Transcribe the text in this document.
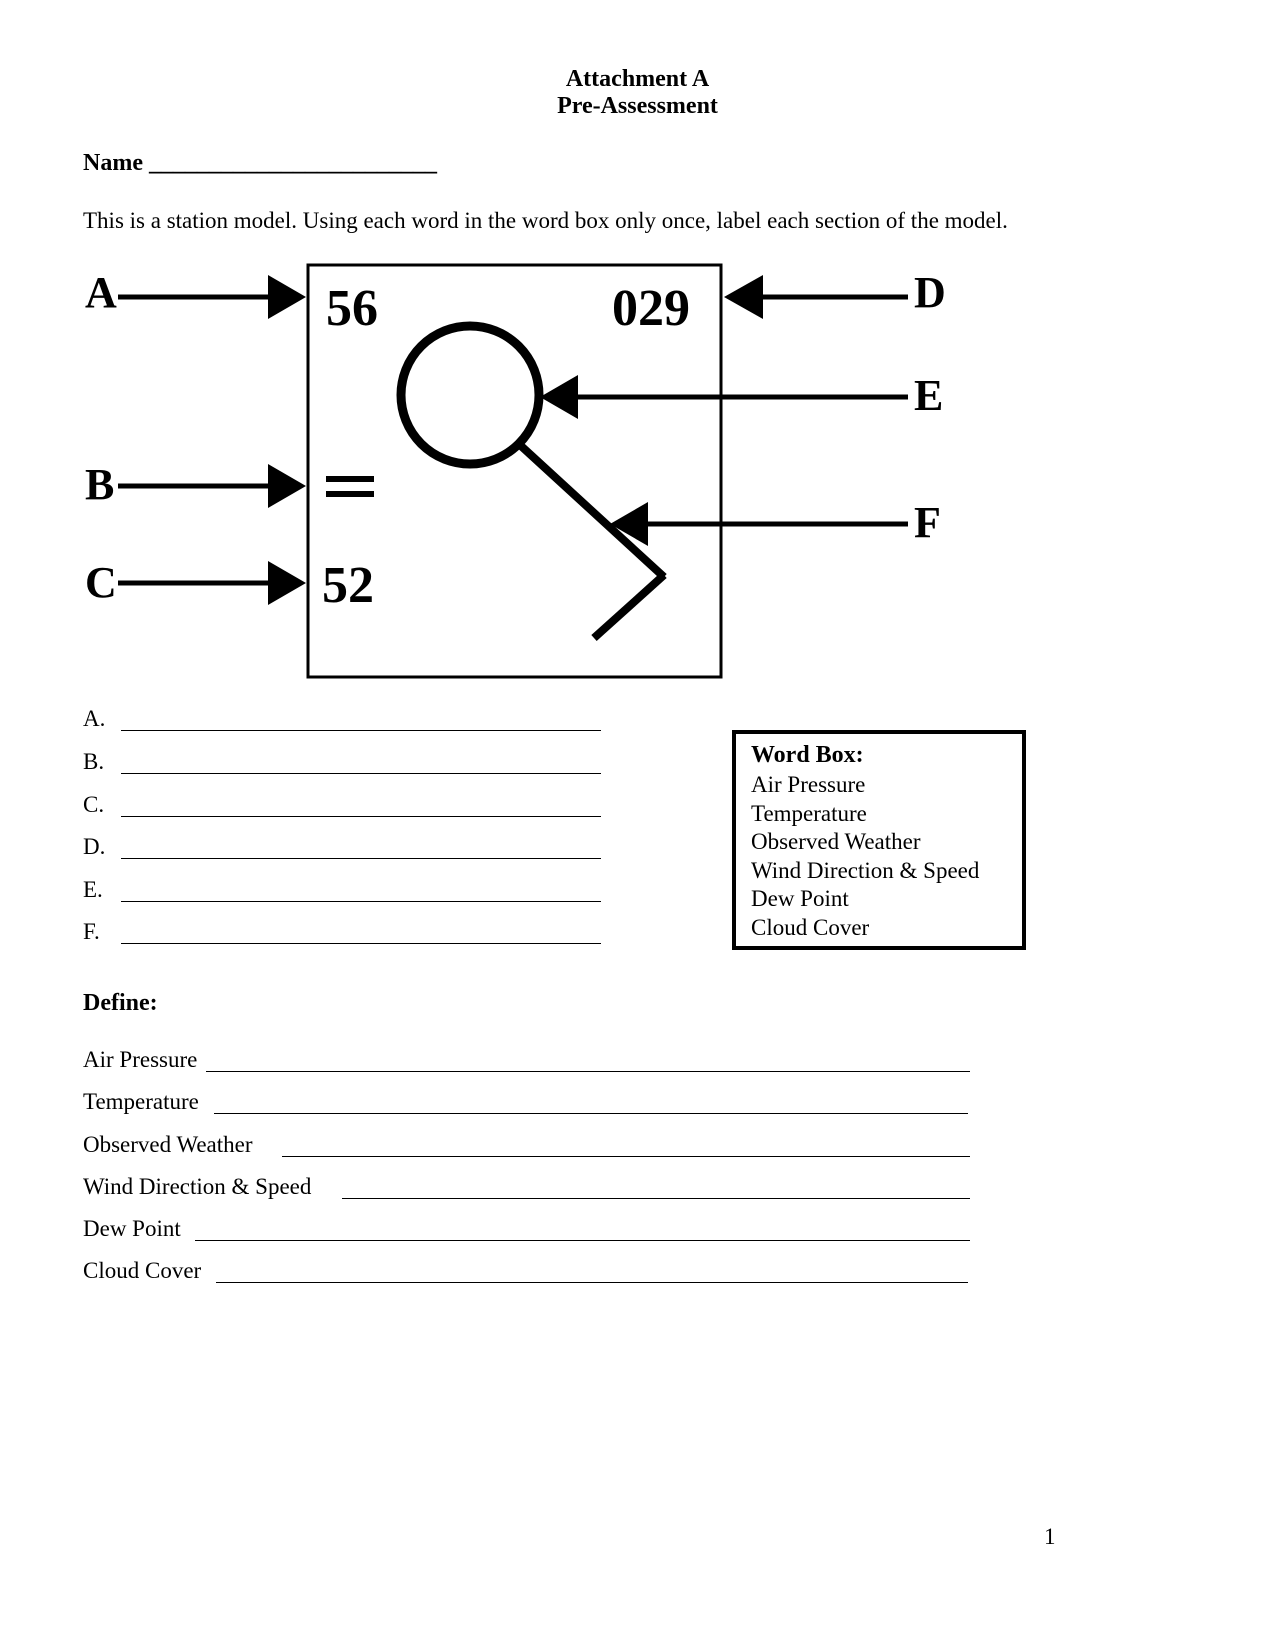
Attachment A
Pre-Assessment
Name ________________________
This is a station model. Using each word in the word box only once, label each section of the model.
56	029
52
A
B
C
D
E
F
A.
B.
C.
D.
E.
F.
Word Box:
Air Pressure
Temperature
Observed Weather
Wind Direction & Speed
Dew Point
Cloud Cover
Define:
Air Pressure
Temperature
Observed Weather
Wind Direction & Speed
Dew Point
Cloud Cover
1
